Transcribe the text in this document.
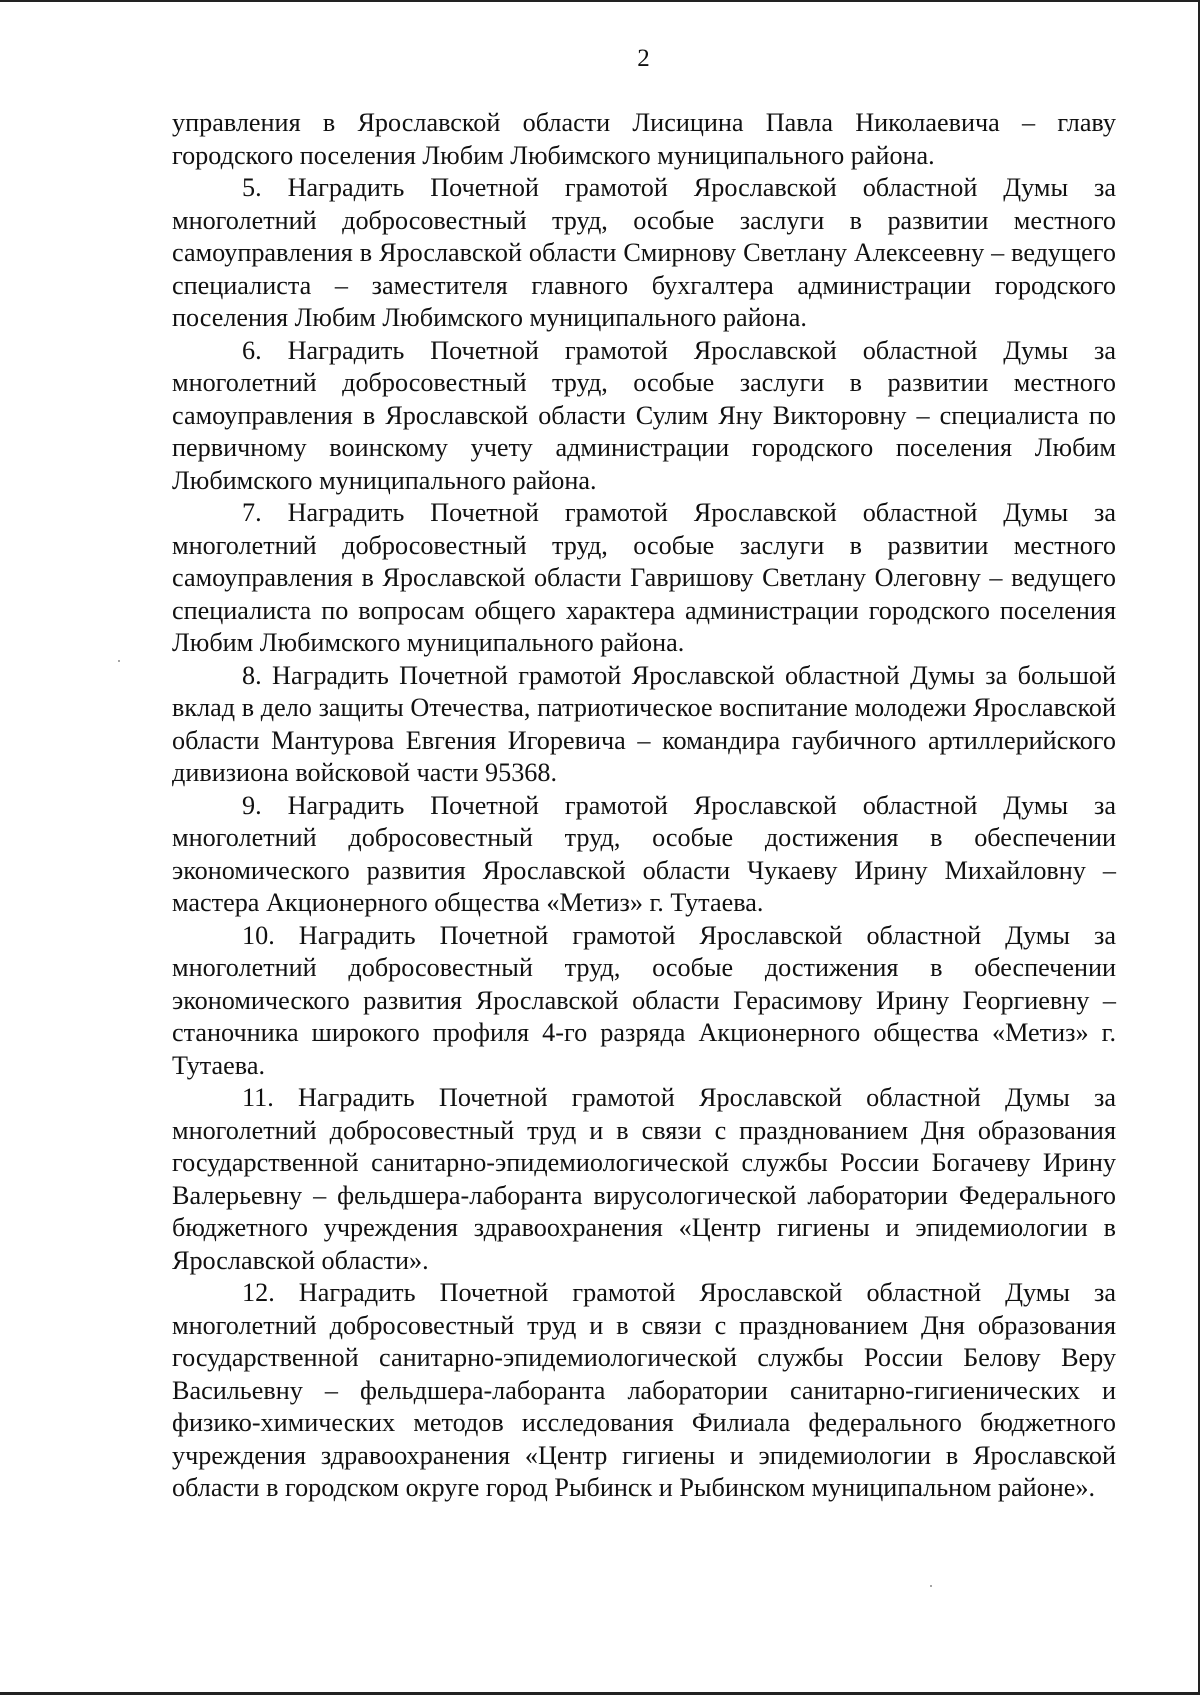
2

управления в Ярославской области Лисицина Павла Николаевича – главу городского поселения Любим Любимского муниципального района.

5. Наградить Почетной грамотой Ярославской областной Думы за многолетний добросовестный труд, особые заслуги в развитии местного самоуправления в Ярославской области Смирнову Светлану Алексеевну – ведущего специалиста – заместителя главного бухгалтера администрации городского поселения Любим Любимского муниципального района.

6. Наградить Почетной грамотой Ярославской областной Думы за многолетний добросовестный труд, особые заслуги в развитии местного самоуправления в Ярославской области Сулим Яну Викторовну – специалиста по первичному воинскому учету администрации городского поселения Любим Любимского муниципального района.

7. Наградить Почетной грамотой Ярославской областной Думы за многолетний добросовестный труд, особые заслуги в развитии местного самоуправления в Ярославской области Гавришову Светлану Олеговну – ведущего специалиста по вопросам общего характера администрации городского поселения Любим Любимского муниципального района.

8. Наградить Почетной грамотой Ярославской областной Думы за большой вклад в дело защиты Отечества, патриотическое воспитание молодежи Ярославской области Мантурова Евгения Игоревича – командира гаубичного артиллерийского дивизиона войсковой части 95368.

9. Наградить Почетной грамотой Ярославской областной Думы за многолетний добросовестный труд, особые достижения в обеспечении экономического развития Ярославской области Чукаеву Ирину Михайловну – мастера Акционерного общества «Метиз» г. Тутаева.

10. Наградить Почетной грамотой Ярославской областной Думы за многолетний добросовестный труд, особые достижения в обеспечении экономического развития Ярославской области Герасимову Ирину Георгиевну – станочника широкого профиля 4-го разряда Акционерного общества «Метиз» г. Тутаева.

11. Наградить Почетной грамотой Ярославской областной Думы за многолетний добросовестный труд и в связи с празднованием Дня образования государственной санитарно-эпидемиологической службы России Богачеву Ирину Валерьевну – фельдшера-лаборанта вирусологической лаборатории Федерального бюджетного учреждения здравоохранения «Центр гигиены и эпидемиологии в Ярославской области».

12. Наградить Почетной грамотой Ярославской областной Думы за многолетний добросовестный труд и в связи с празднованием Дня образования государственной санитарно-эпидемиологической службы России Белову Веру Васильевну – фельдшера-лаборанта лаборатории санитарно-гигиенических и физико-химических методов исследования Филиала федерального бюджетного учреждения здравоохранения «Центр гигиены и эпидемиологии в Ярославской области в городском округе город Рыбинск и Рыбинском муниципальном районе».
